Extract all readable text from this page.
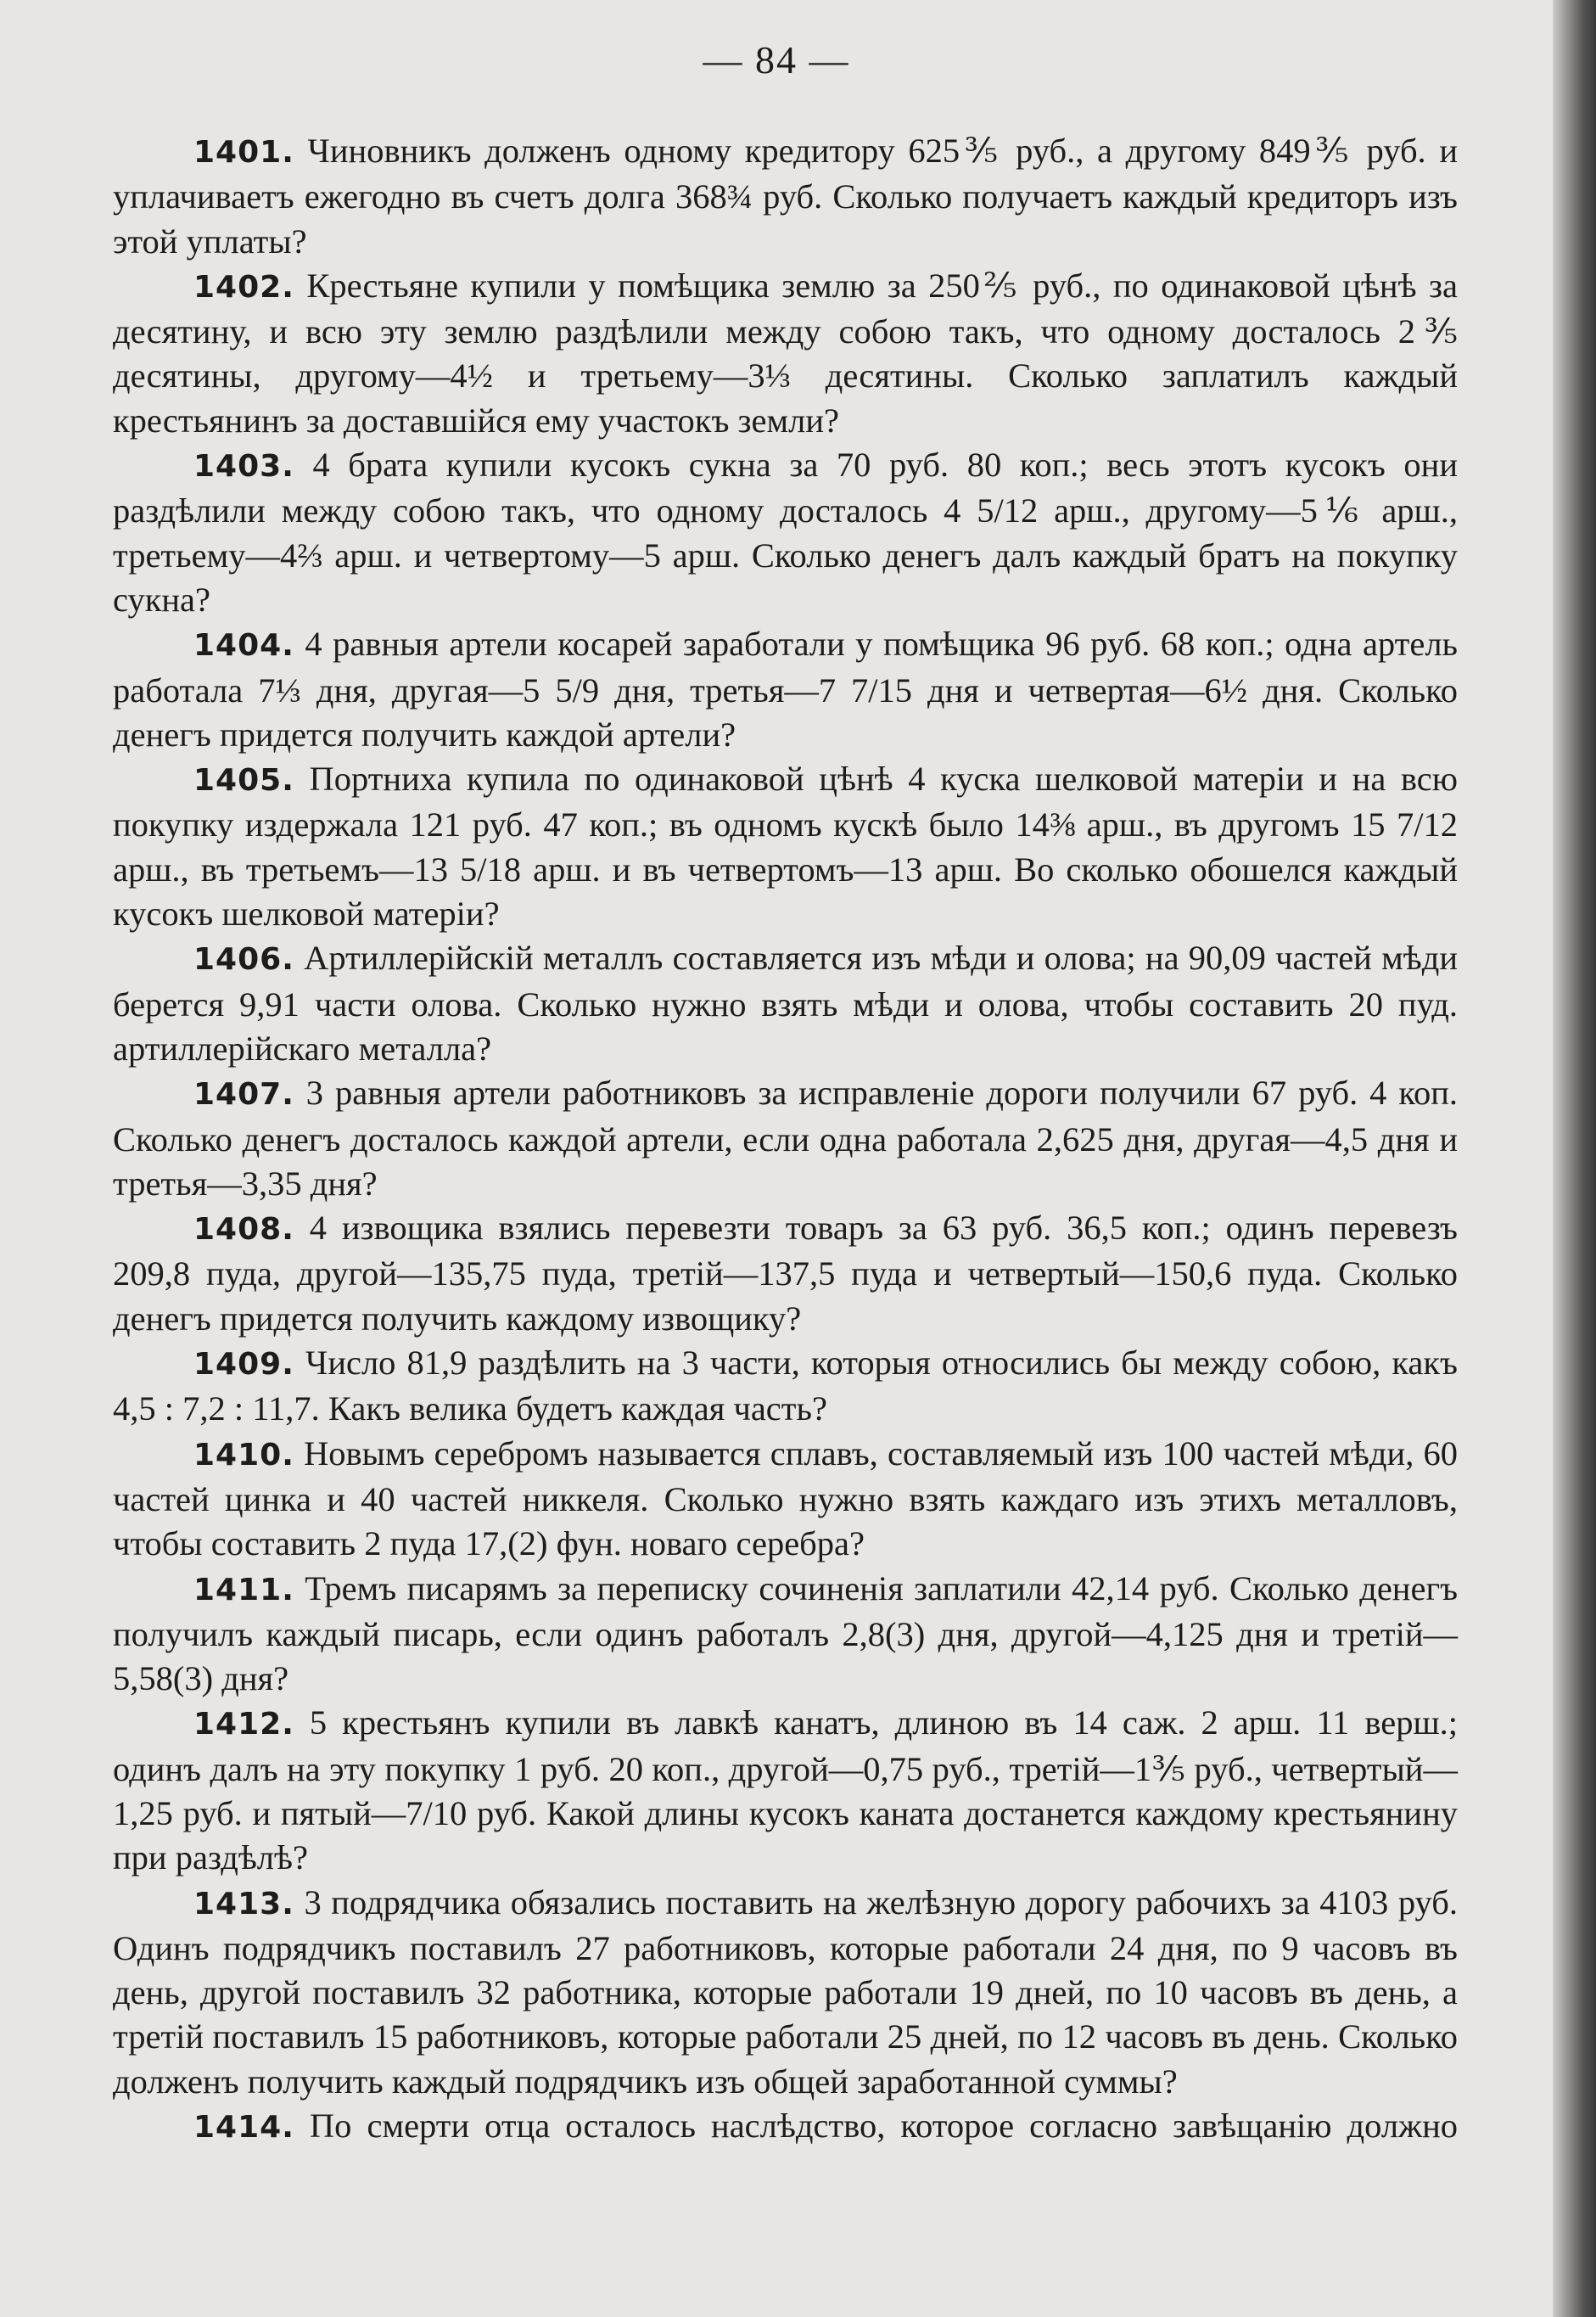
— 84 —

1401. Чиновникъ долженъ одному кредитору 625⅗ руб., а другому 849⅗ руб. и уплачиваетъ ежегодно въ счетъ долга 368¾ руб. Сколько получаетъ каждый кредиторъ изъ этой уплаты?

1402. Крестьяне купили у помѣщика землю за 250⅖ руб., по одинаковой цѣнѣ за десятину, и всю эту землю раздѣлили между собою такъ, что одному досталось 2⅗ десятины, другому—4½ и третьему—3⅓ десятины. Сколько заплатилъ каждый крестьянинъ за доставшійся ему участокъ земли?

1403. 4 брата купили кусокъ сукна за 70 руб. 80 коп.; весь этотъ кусокъ они раздѣлили между собою такъ, что одному досталось 4 5/12 арш., другому—5⅙ арш., третьему—4⅔ арш. и четвертому—5 арш. Сколько денегъ далъ каждый братъ на покупку сукна?

1404. 4 равныя артели косарей заработали у помѣщика 96 руб. 68 коп.; одна артель работала 7⅓ дня, другая—5 5/9 дня, третья—7 7/15 дня и четвертая—6½ дня. Сколько денегъ придется получить каждой артели?

1405. Портниха купила по одинаковой цѣнѣ 4 куска шелковой матеріи и на всю покупку издержала 121 руб. 47 коп.; въ одномъ кускѣ было 14⅜ арш., въ другомъ 15 7/12 арш., въ третьемъ—13 5/18 арш. и въ четвертомъ—13 арш. Во сколько обошелся каждый кусокъ шелковой матеріи?

1406. Артиллерійскій металлъ составляется изъ мѣди и олова; на 90,09 частей мѣди берется 9,91 части олова. Сколько нужно взять мѣди и олова, чтобы составить 20 пуд. артиллерійскаго металла?

1407. 3 равныя артели работниковъ за исправленіе дороги получили 67 руб. 4 коп. Сколько денегъ досталось каждой артели, если одна работала 2,625 дня, другая—4,5 дня и третья—3,35 дня?

1408. 4 извощика взялись перевезти товаръ за 63 руб. 36,5 коп.; одинъ перевезъ 209,8 пуда, другой—135,75 пуда, третій—137,5 пуда и четвертый—150,6 пуда. Сколько денегъ придется получить каждому извощику?

1409. Число 81,9 раздѣлить на 3 части, которыя относились бы между собою, какъ 4,5 : 7,2 : 11,7. Какъ велика будетъ каждая часть?

1410. Новымъ серебромъ называется сплавъ, составляемый изъ 100 частей мѣди, 60 частей цинка и 40 частей никкеля. Сколько нужно взять каждаго изъ этихъ металловъ, чтобы составить 2 пуда 17,(2) фун. новаго серебра?

1411. Тремъ писарямъ за переписку сочиненія заплатили 42,14 руб. Сколько денегъ получилъ каждый писарь, если одинъ работалъ 2,8(3) дня, другой—4,125 дня и третій—5,58(3) дня?

1412. 5 крестьянъ купили въ лавкѣ канатъ, длиною въ 14 саж. 2 арш. 11 верш.; одинъ далъ на эту покупку 1 руб. 20 коп., другой—0,75 руб., третій—1⅗ руб., четвертый—1,25 руб. и пятый—7/10 руб. Какой длины кусокъ каната достанется каждому крестьянину при раздѣлѣ?

1413. 3 подрядчика обязались поставить на желѣзную дорогу рабочихъ за 4103 руб. Одинъ подрядчикъ поставилъ 27 работниковъ, которые работали 24 дня, по 9 часовъ въ день, другой поставилъ 32 работника, которые работали 19 дней, по 10 часовъ въ день, а третій поставилъ 15 работниковъ, которые работали 25 дней, по 12 часовъ въ день. Сколько долженъ получить каждый подрядчикъ изъ общей заработанной суммы?

1414. По смерти отца осталось наслѣдство, которое согласно завѣщанію должно
